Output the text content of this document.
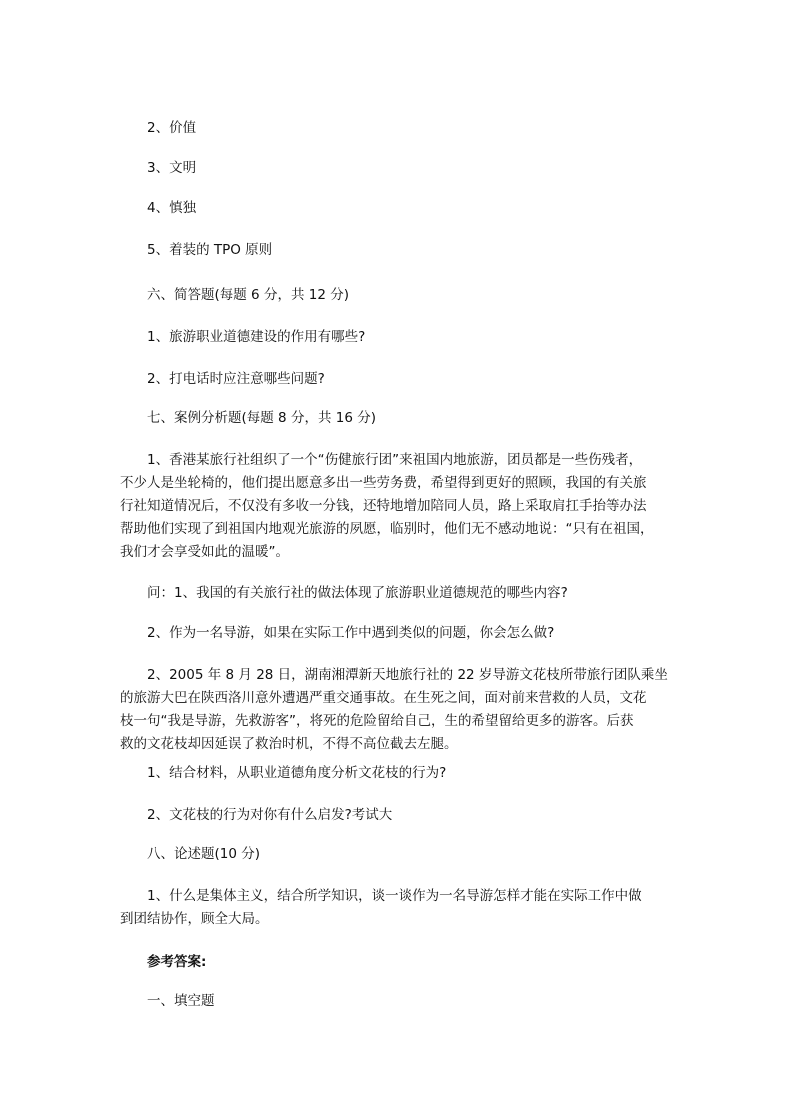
2、价值
3、文明
4、慎独
5、着装的 TPO 原则
六、简答题(每题 6 分，共 12 分)
1、旅游职业道德建设的作用有哪些?
2、打电话时应注意哪些问题?
七、案例分析题(每题 8 分，共 16 分)
1、香港某旅行社组织了一个“伤健旅行团”来祖国内地旅游，团员都是一些伤残者，
不少人是坐轮椅的，他们提出愿意多出一些劳务费，希望得到更好的照顾，我国的有关旅
行社知道情况后，不仅没有多收一分钱，还特地增加陪同人员，路上采取肩扛手抬等办法
帮助他们实现了到祖国内地观光旅游的夙愿，临别时，他们无不感动地说：“只有在祖国，
我们才会享受如此的温暖”。
问：1、我国的有关旅行社的做法体现了旅游职业道德规范的哪些内容?
2、作为一名导游，如果在实际工作中遇到类似的问题，你会怎么做?
2、2005 年 8 月 28 日，湖南湘潭新天地旅行社的 22 岁导游文花枝所带旅行团队乘坐
的旅游大巴在陕西洛川意外遭遇严重交通事故。在生死之间，面对前来营救的人员，文花
枝一句“我是导游，先救游客”，将死的危险留给自己，生的希望留给更多的游客。后获
救的文花枝却因延误了救治时机，不得不高位截去左腿。
1、结合材料，从职业道德角度分析文花枝的行为?
2、文花枝的行为对你有什么启发?考试大
八、论述题(10 分)
1、什么是集体主义，结合所学知识，谈一谈作为一名导游怎样才能在实际工作中做
到团结协作，顾全大局。
参考答案:
一、填空题
